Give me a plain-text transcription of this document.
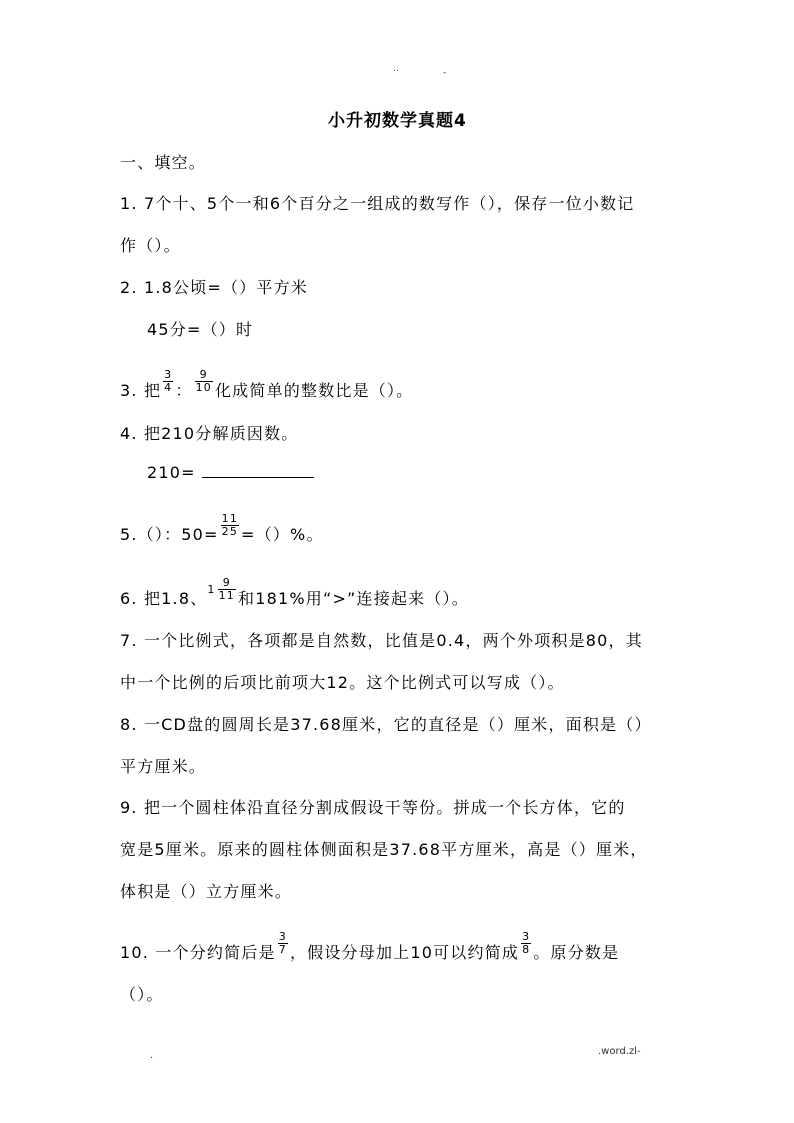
..	-
小升初数学真题4
一、填空。
1. 7个十、5个一和6个百分之一组成的数写作（），保存一位小数记
作（）。
2. 1.8公顷=（）平方米
45分=（）时
3. 把 $\frac{3}{4}$ ： $\frac{9}{10}$ 化成简单的整数比是（）。
4. 把210分解质因数。
210=
5.（）：$50= \frac{11}{25}$ =（）%。
6. 把1.8、$1 \frac{9}{11}$ 和181%用“>”连接起来（）。
7. 一个比例式，各项都是自然数，比值是0.4，两个外项积是80，其
中一个比例的后项比前项大12。这个比例式可以写成（）。
8. 一CD盘的圆周长是37.68厘米，它的直径是（）厘米，面积是（）
平方厘米。
9. 把一个圆柱体沿直径分割成假设干等份。拼成一个长方体，它的
宽是5厘米。原来的圆柱体侧面积是37.68平方厘米，高是（）厘米，
体积是（）立方厘米。
10. 一个分约简后是 $\frac{3}{7}$ ，假设分母加上10可以约简成 $\frac{3}{8}$ 。原分数是
（）。
.	.word.zl-
